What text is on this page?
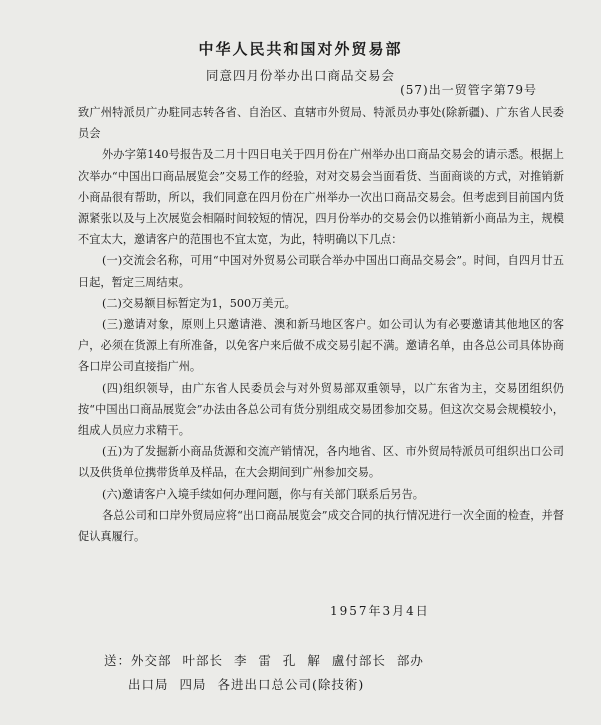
中华人民共和国对外贸易部
同意四月份举办出口商品交易会
(57)出一贸管字第79号

致广州特派员广办駐同志转各省、自治区、直辖市外贸局、特派员办事处(除新疆)、广东省人民委员会

外办字第140号报告及二月十四日电关于四月份在广州举办出口商品交易会的请示悉。根据上次举办“中国出口商品展览会”交易工作的经验，对对交易会当面看货、当面商谈的方式，对推销新小商品很有帮助，所以，我们同意在四月份在广州举办一次出口商品交易会。但考虑到目前国内货源紧张以及与上次展览会相隔时间较短的情况，四月份举办的交易会仍以推销新小商品为主，规模不宜太大，邀请客户的范围也不宜太宽，为此，特明确以下几点：

(一)交流会名称，可用“中国对外贸易公司联合举办中国出口商品交易会”。时间，自四月廿五日起，暂定三周结束。

(二)交易额目标暂定为1，500万美元。

(三)邀请对象，原则上只邀请港、澳和新马地区客户。如公司认为有必要邀请其他地区的客户，必须在货源上有所准备，以免客户来后做不成交易引起不满。邀请名单，由各总公司具体协商各口岸公司直接指广州。

(四)组织领导，由广东省人民委员会与对外贸易部双重领导，以广东省为主，交易团组织仍按“中国出口商品展览会”办法由各总公司有货分别组成交易团参加交易。但这次交易会规模较小，组成人员应力求精干。

(五)为了发掘新小商品货源和交流产销情况，各内地省、区、市外贸局特派员可组织出口公司以及供货单位携带货单及样品，在大会期间到广州参加交易。

(六)邀请客户入境手续如何办理问题，你与有关部门联系后另告。

各总公司和口岸外贸局应将“出口商品展览会”成交合同的执行情况进行一次全面的检查，并督促认真履行。

1957年3月4日
送：外交部 叶部长 李 雷 孔 解 盧付部长 部办
出口局 四局 各进出口总公司(除技術)
